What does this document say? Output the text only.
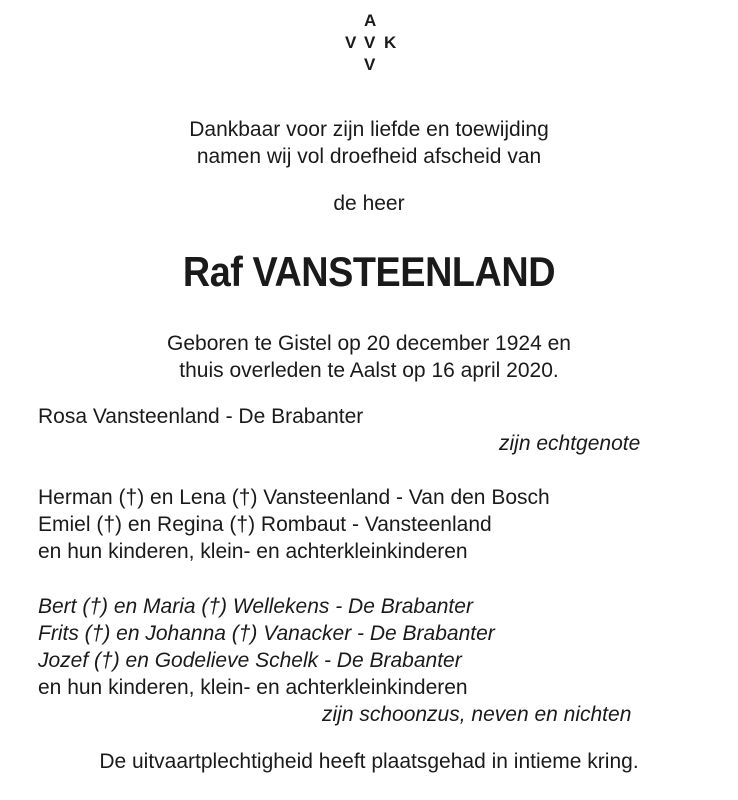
A
V V K
V
Dankbaar voor zijn liefde en toewijding
namen wij vol droefheid afscheid van
de heer
Raf VANSTEENLAND
Geboren te Gistel op 20 december 1924 en
thuis overleden te Aalst op 16 april 2020.
Rosa Vansteenland - De Brabanter
zijn echtgenote
Herman (†) en Lena (†) Vansteenland - Van den Bosch
Emiel (†) en Regina (†) Rombaut - Vansteenland
en hun kinderen, klein- en achterkleinkinderen
Bert (†) en Maria (†) Wellekens - De Brabanter
Frits (†) en Johanna (†) Vanacker - De Brabanter
Jozef (†) en Godelieve Schelk - De Brabanter
en hun kinderen, klein- en achterkleinkinderen
zijn schoonzus, neven en nichten
De uitvaartplechtigheid heeft plaatsgehad in intieme kring.
